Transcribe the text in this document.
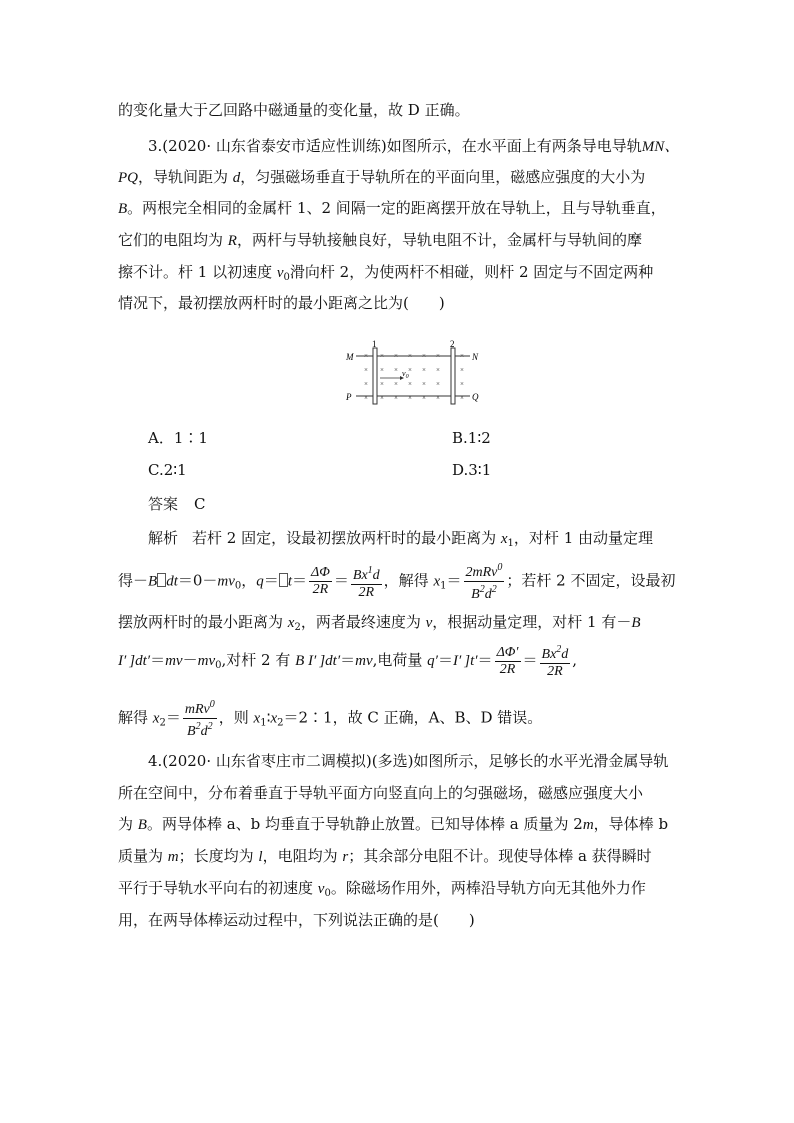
的变化量大于乙回路中磁通量的变化量，故 D 正确。
3.(2020· 山东省泰安市适应性训练)如图所示，在水平面上有两条导电导轨MN、
PQ，导轨间距为 d，匀强磁场垂直于导轨所在的平面向里，磁感应强度的大小为
B。两根完全相同的金属杆 1、2 间隔一定的距离摆开放在导轨上，且与导轨垂直，
它们的电阻均为 R，两杆与导轨接触良好，导轨电阻不计，金属杆与导轨间的摩
擦不计。杆 1 以初速度 $v_0$滑向杆 2，为使两杆不相碰，则杆 2 固定与不固定两种
情况下，最初摆放两杆时的最小距离之比为(　　)
1	2
M	N
P	Q
× × × × × ×	×
× × × × × ×	×
× × × × × ×	×
× × × × × ×	×
$v_0$
A．1∶1	B.1∶2
C.2∶1	D.3∶1
答案 C
解析 若杆 2 固定，设最初摆放两杆时的最小距离为 $x_1$，对杆 1 由动量定理
得－B $dt=0-mv_0$，$q= t= \frac{\Delta\Phi}{2R} = \frac{Bx^1d}{2R}$ ，解得 $x_1= \frac{2mRv^0}{B^2d^2}$ ；若杆 2 不固定，设最初
摆放两杆时的最小距离为 $x_2$，两者最终速度为 v，根据动量定理，对杆 1 有－B
I′  ]$dt'=mv-mv_0$,对杆 2 有 B I′  ]dt′＝mv,电荷量 q′＝I′  ]$t'= \frac{\Delta\Phi'}{2R} = \frac{Bx^2d}{2R}$ ,
解得 $x_2= \frac{mRv^0}{B^2d^2}$ ，则 $x_1∶x_2=2∶1$，故 C 正确，A、B、D 错误。
4.(2020· 山东省枣庄市二调模拟)(多选)如图所示，足够长的水平光滑金属导轨
所在空间中，分布着垂直于导轨平面方向竖直向上的匀强磁场，磁感应强度大小
为 B。两导体棒 a、b 均垂直于导轨静止放置。已知导体棒 a 质量为 2m，导体棒 b
质量为 m；长度均为 l，电阻均为 r；其余部分电阻不计。现使导体棒 a 获得瞬时
平行于导轨水平向右的初速度 $v_0$。除磁场作用外，两棒沿导轨方向无其他外力作
用，在两导体棒运动过程中，下列说法正确的是(　　)
